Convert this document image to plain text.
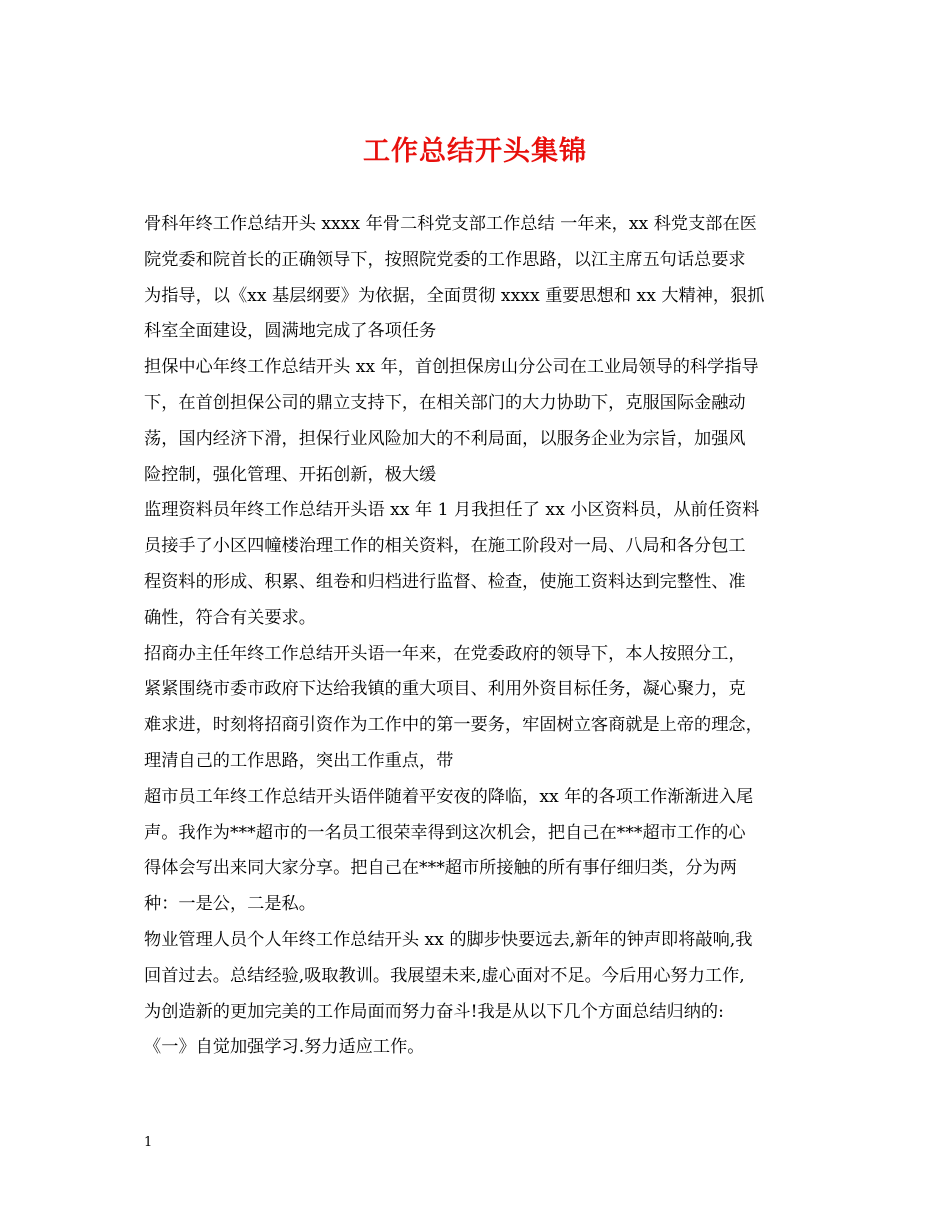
工作总结开头集锦
骨科年终工作总结开头 xxxx 年骨二科党支部工作总结 一年来，xx 科党支部在医
院党委和院首长的正确领导下，按照院党委的工作思路，以江主席五句话总要求
为指导，以《xx 基层纲要》为依据，全面贯彻 xxxx 重要思想和 xx 大精神，狠抓
科室全面建设，圆满地完成了各项任务
担保中心年终工作总结开头 xx 年，首创担保房山分公司在工业局领导的科学指导
下，在首创担保公司的鼎立支持下，在相关部门的大力协助下，克服国际金融动
荡，国内经济下滑，担保行业风险加大的不利局面，以服务企业为宗旨，加强风
险控制，强化管理、开拓创新，极大缓
监理资料员年终工作总结开头语 xx 年 1 月我担任了 xx 小区资料员，从前任资料
员接手了小区四幢楼治理工作的相关资料，在施工阶段对一局、八局和各分包工
程资料的形成、积累、组卷和归档进行监督、检查，使施工资料达到完整性、准
确性，符合有关要求。
招商办主任年终工作总结开头语一年来，在党委政府的领导下，本人按照分工，
紧紧围绕市委市政府下达给我镇的重大项目、利用外资目标任务，凝心聚力，克
难求进，时刻将招商引资作为工作中的第一要务，牢固树立客商就是上帝的理念，
理清自己的工作思路，突出工作重点，带
超市员工年终工作总结开头语伴随着平安夜的降临，xx 年的各项工作渐渐进入尾
声。我作为***超市的一名员工很荣幸得到这次机会，把自己在***超市工作的心
得体会写出来同大家分享。把自己在***超市所接触的所有事仔细归类，分为两
种：一是公，二是私。
物业管理人员个人年终工作总结开头 xx 的脚步快要远去,新年的钟声即将敲响,我
回首过去。总结经验,吸取教训。我展望未来,虚心面对不足。今后用心努力工作,
为创造新的更加完美的工作局面而努力奋斗!我是从以下几个方面总结归纳的:
《一》自觉加强学习.努力适应工作。
1
